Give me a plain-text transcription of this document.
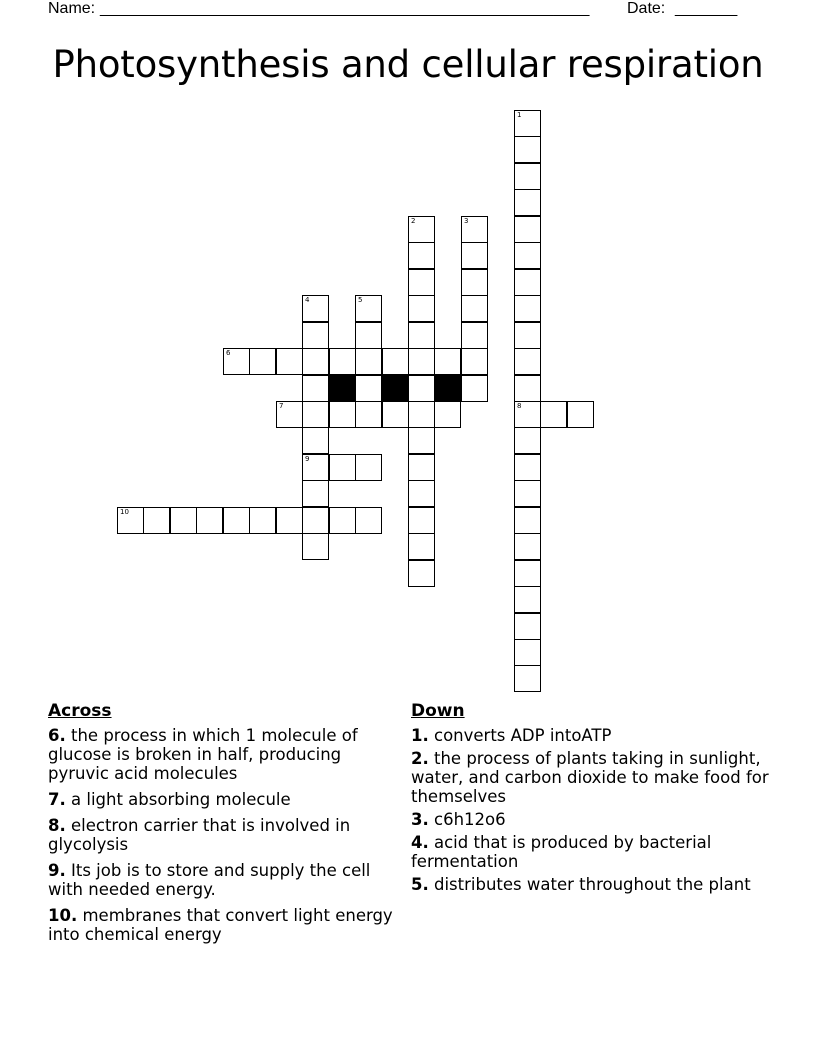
Name: _______________________________________________________ Date: _______
Photosynthesis and cellular respiration
1
8
2	3
4
9
5
6
7
10
Across
6. the process in which 1 molecule of glucose is broken in half, producing pyruvic acid molecules
7. a light absorbing molecule
8. electron carrier that is involved in glycolysis
9. Its job is to store and supply the cell with needed energy.
10. membranes that convert light energy into chemical energy
Down
1. converts ADP intoATP
2. the process of plants taking in sunlight, water, and carbon dioxide to make food for themselves
3. c6h12o6
4. acid that is produced by bacterial fermentation
5. distributes water throughout the plant
